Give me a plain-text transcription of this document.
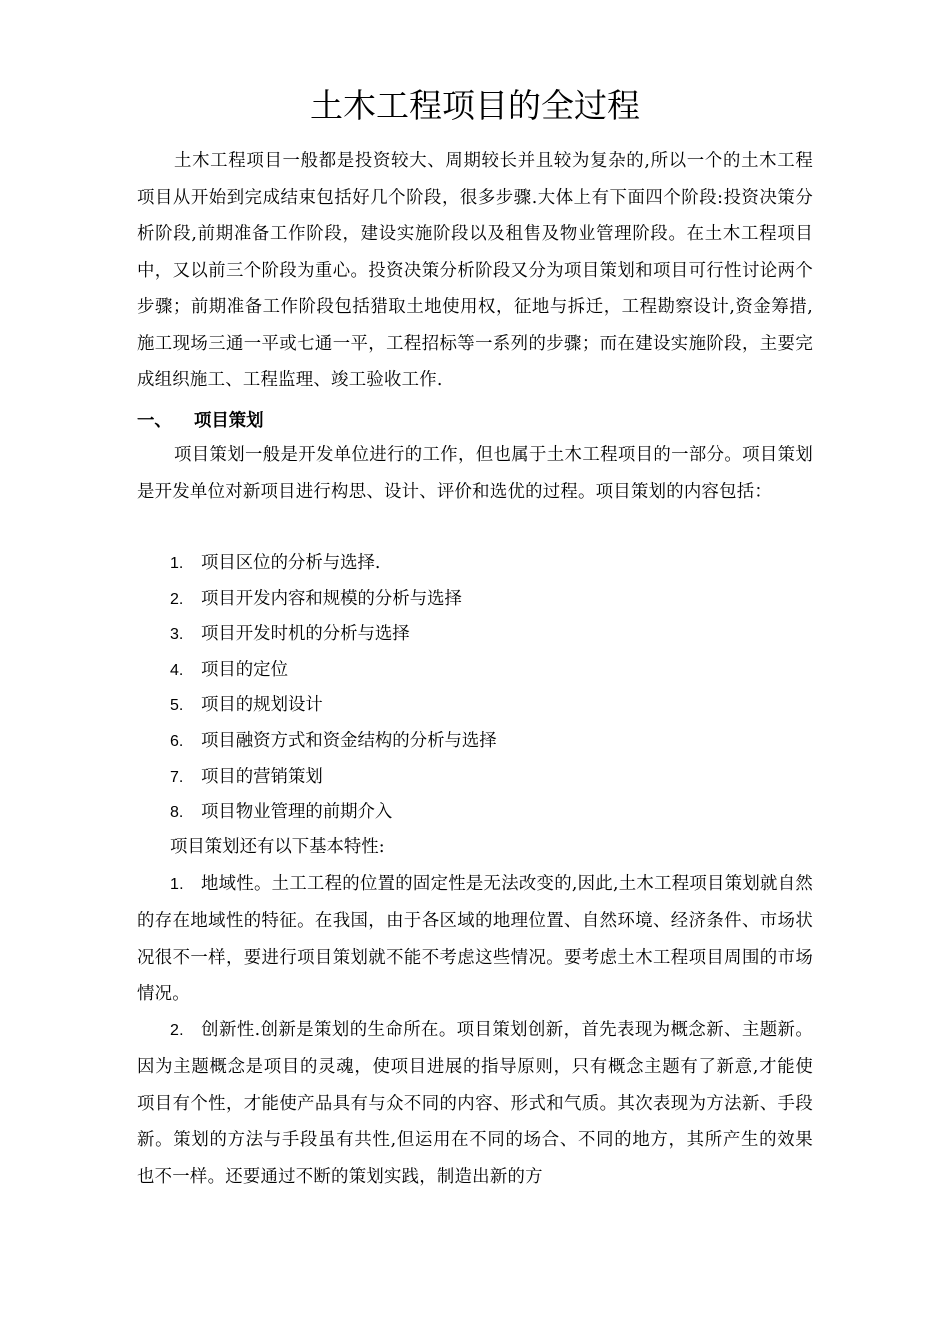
土木工程项目的全过程
土木工程项目一般都是投资较大、周期较长并且较为复杂的,所以一个的土木工程项目从开始到完成结束包括好几个阶段，很多步骤.大体上有下面四个阶段:投资决策分析阶段,前期准备工作阶段，建设实施阶段以及租售及物业管理阶段。在土木工程项目中，又以前三个阶段为重心。投资决策分析阶段又分为项目策划和项目可行性讨论两个步骤；前期准备工作阶段包括猎取土地使用权，征地与拆迁，工程勘察设计,资金筹措,施工现场三通一平或七通一平，工程招标等一系列的步骤；而在建设实施阶段，主要完成组织施工、工程监理、竣工验收工作.
一、 项目策划
项目策划一般是开发单位进行的工作，但也属于土木工程项目的一部分。项目策划是开发单位对新项目进行构思、设计、评价和选优的过程。项目策划的内容包括：
1. 项目区位的分析与选择.
2. 项目开发内容和规模的分析与选择
3. 项目开发时机的分析与选择
4. 项目的定位
5. 项目的规划设计
6. 项目融资方式和资金结构的分析与选择
7. 项目的营销策划
8. 项目物业管理的前期介入
项目策划还有以下基本特性:
1. 地域性。土工工程的位置的固定性是无法改变的,因此,土木工程项目策划就自然的存在地域性的特征。在我国，由于各区域的地理位置、自然环境、经济条件、市场状况很不一样，要进行项目策划就不能不考虑这些情况。要考虑土木工程项目周围的市场情况。
2. 创新性.创新是策划的生命所在。项目策划创新，首先表现为概念新、主题新。因为主题概念是项目的灵魂，使项目进展的指导原则，只有概念主题有了新意,才能使项目有个性，才能使产品具有与众不同的内容、形式和气质。其次表现为方法新、手段新。策划的方法与手段虽有共性,但运用在不同的场合、不同的地方，其所产生的效果也不一样。还要通过不断的策划实践，制造出新的方
